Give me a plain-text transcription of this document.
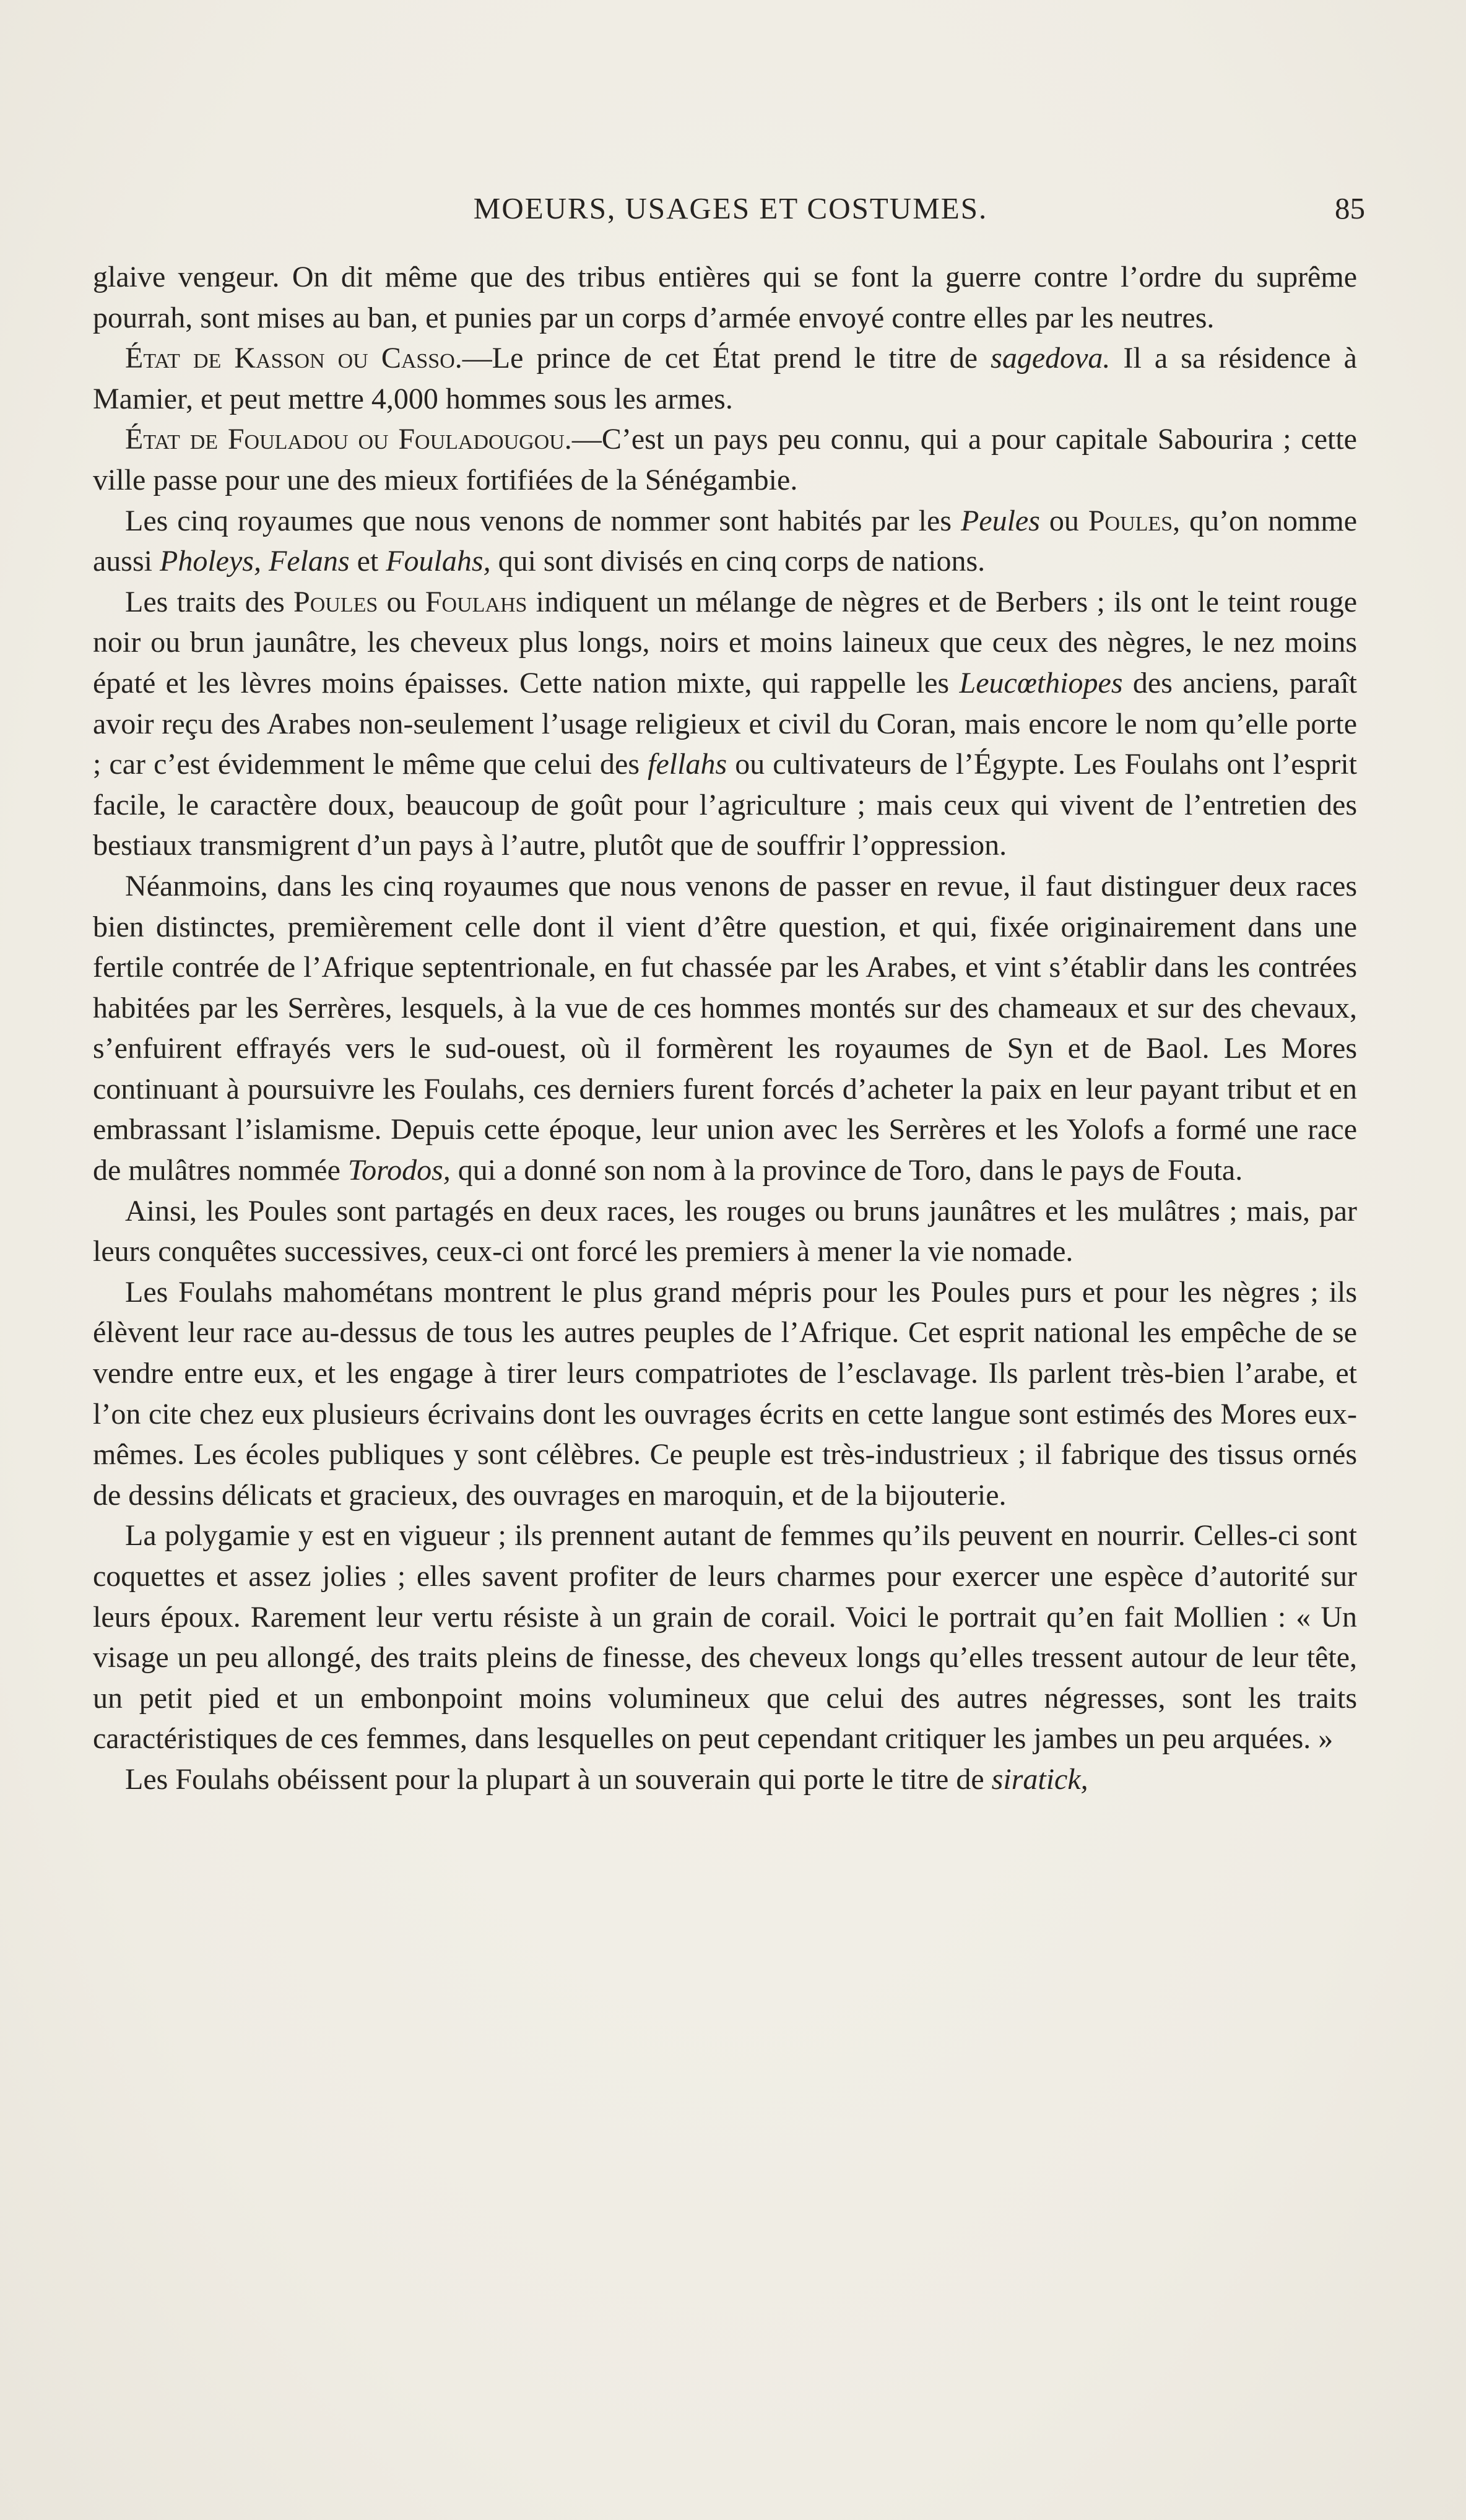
MOEURS, USAGES ET COSTUMES.	85

glaive vengeur. On dit même que des tribus entières qui se font la guerre contre l’ordre du suprême pourrah, sont mises au ban, et punies par un corps d’armée envoyé contre elles par les neutres.

État de Kasson ou Casso.—Le prince de cet État prend le titre de sagedova. Il a sa résidence à Mamier, et peut mettre 4,000 hommes sous les armes.

État de Fouladou ou Fouladougou.—C’est un pays peu connu, qui a pour capitale Sabourira ; cette ville passe pour une des mieux fortifiées de la Sénégambie.

Les cinq royaumes que nous venons de nommer sont habités par les Peules ou Poules, qu’on nomme aussi Pholeys, Felans et Foulahs, qui sont divisés en cinq corps de nations.

Les traits des Poules ou Foulahs indiquent un mélange de nègres et de Berbers ; ils ont le teint rouge noir ou brun jaunâtre, les cheveux plus longs, noirs et moins laineux que ceux des nègres, le nez moins épaté et les lèvres moins épaisses. Cette nation mixte, qui rappelle les Leucœthiopes des anciens, paraît avoir reçu des Arabes non-seulement l’usage religieux et civil du Coran, mais encore le nom qu’elle porte ; car c’est évidemment le même que celui des fellahs ou cultivateurs de l’Égypte. Les Foulahs ont l’esprit facile, le caractère doux, beaucoup de goût pour l’agriculture ; mais ceux qui vivent de l’entretien des bestiaux transmigrent d’un pays à l’autre, plutôt que de souffrir l’oppression.

Néanmoins, dans les cinq royaumes que nous venons de passer en revue, il faut distinguer deux races bien distinctes, premièrement celle dont il vient d’être question, et qui, fixée originairement dans une fertile contrée de l’Afrique septentrionale, en fut chassée par les Arabes, et vint s’établir dans les contrées habitées par les Serrères, lesquels, à la vue de ces hommes montés sur des chameaux et sur des chevaux, s’enfuirent effrayés vers le sud-ouest, où il formèrent les royaumes de Syn et de Baol. Les Mores continuant à poursuivre les Foulahs, ces derniers furent forcés d’acheter la paix en leur payant tribut et en embrassant l’islamisme. Depuis cette époque, leur union avec les Serrères et les Yolofs a formé une race de mulâtres nommée Torodos, qui a donné son nom à la province de Toro, dans le pays de Fouta.

Ainsi, les Poules sont partagés en deux races, les rouges ou bruns jaunâtres et les mulâtres ; mais, par leurs conquêtes successives, ceux-ci ont forcé les premiers à mener la vie nomade.

Les Foulahs mahométans montrent le plus grand mépris pour les Poules purs et pour les nègres ; ils élèvent leur race au-dessus de tous les autres peuples de l’Afrique. Cet esprit national les empêche de se vendre entre eux, et les engage à tirer leurs compatriotes de l’esclavage. Ils parlent très-bien l’arabe, et l’on cite chez eux plusieurs écrivains dont les ouvrages écrits en cette langue sont estimés des Mores eux-mêmes. Les écoles publiques y sont célèbres. Ce peuple est très-industrieux ; il fabrique des tissus ornés de dessins délicats et gracieux, des ouvrages en maroquin, et de la bijouterie.

La polygamie y est en vigueur ; ils prennent autant de femmes qu’ils peuvent en nourrir. Celles-ci sont coquettes et assez jolies ; elles savent profiter de leurs charmes pour exercer une espèce d’autorité sur leurs époux. Rarement leur vertu résiste à un grain de corail. Voici le portrait qu’en fait Mollien : « Un visage un peu allongé, des traits pleins de finesse, des cheveux longs qu’elles tressent autour de leur tête, un petit pied et un embonpoint moins volumineux que celui des autres négresses, sont les traits caractéristiques de ces femmes, dans lesquelles on peut cependant critiquer les jambes un peu arquées. »

Les Foulahs obéissent pour la plupart à un souverain qui porte le titre de siratick,
